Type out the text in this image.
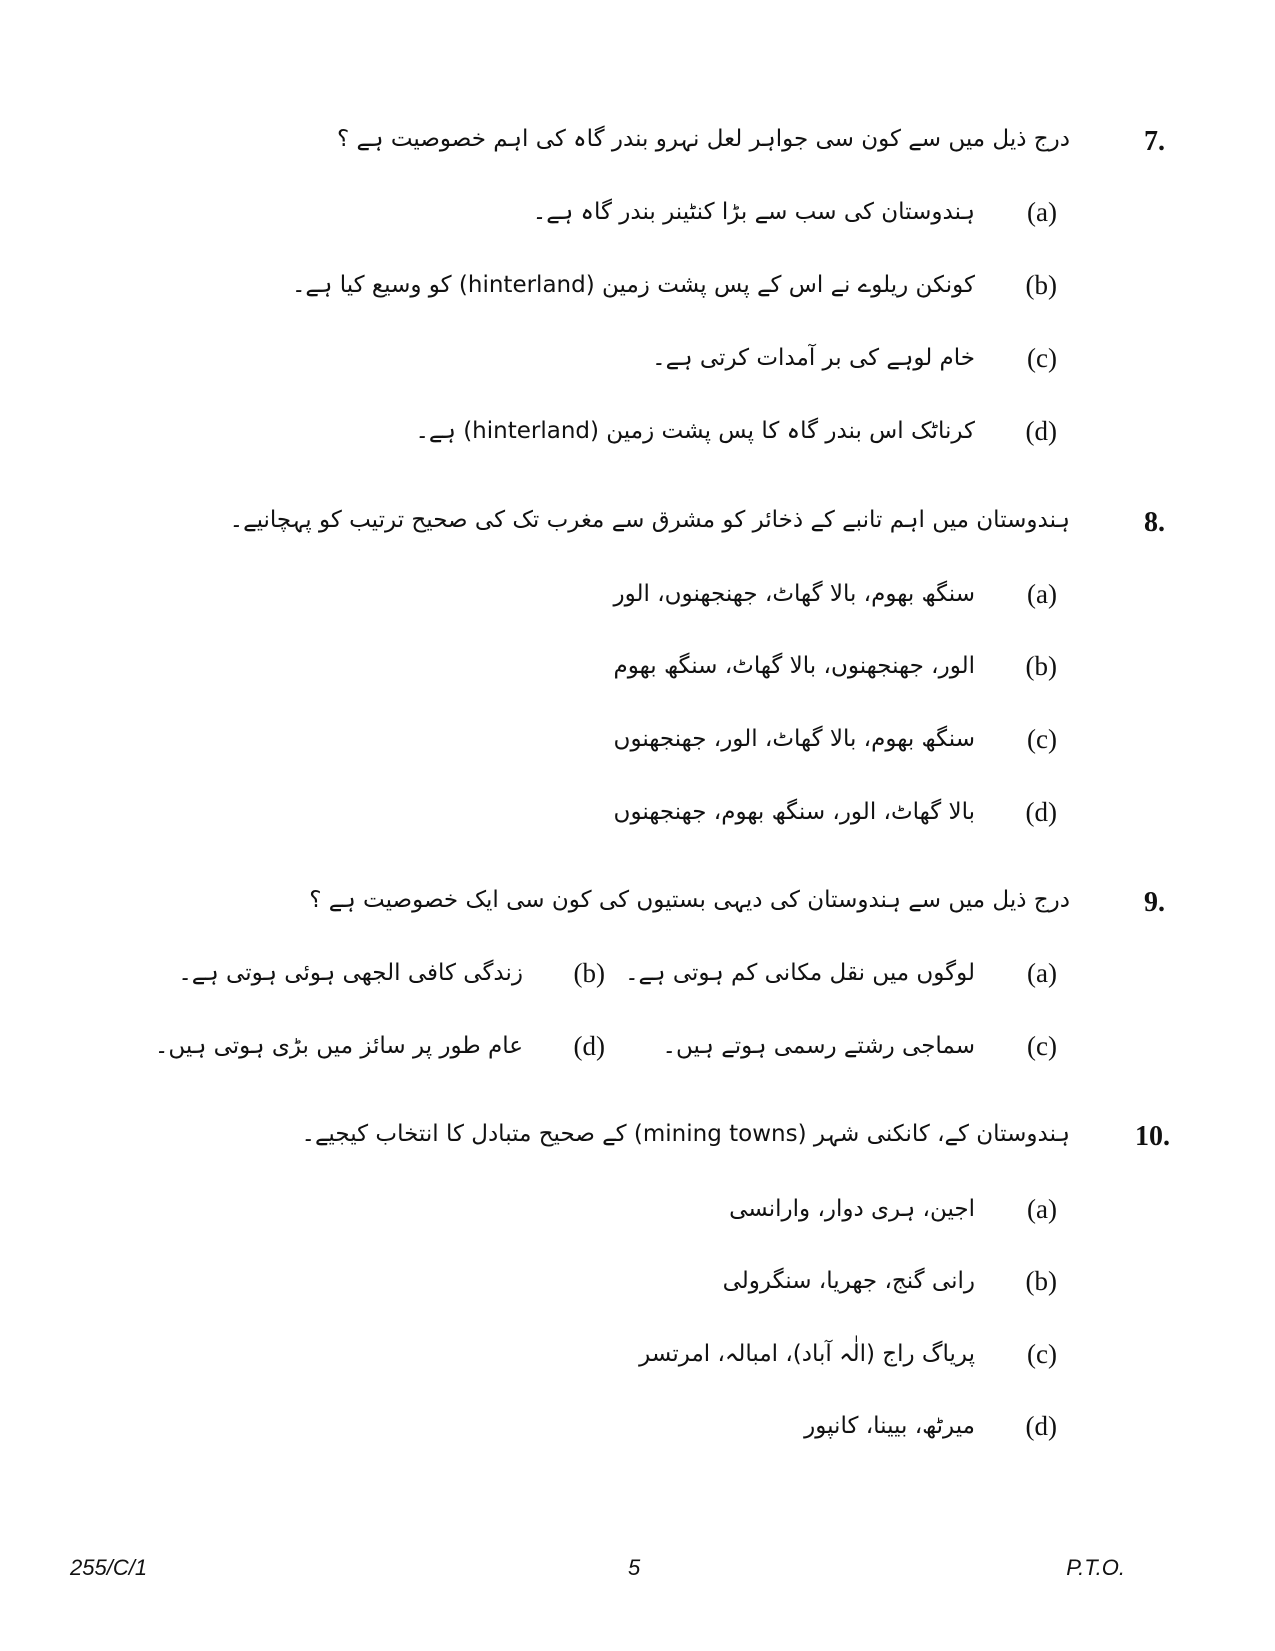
7.
درج ذیل میں سے کون سی جواہر لعل نہرو بندر گاہ کی اہم خصوصیت ہے ؟
(a)
ہندوستان کی سب سے بڑا کنٹینر بندر گاہ ہے۔
(b)
کونکن ریلوے نے اس کے پس پشت زمین (hinterland) کو وسیع کیا ہے۔
(c)
خام لوہے کی بر آمدات کرتی ہے۔
(d)
کرناٹک اس بندر گاہ کا پس پشت زمین (hinterland) ہے۔
8.
ہندوستان میں اہم تانبے کے ذخائر کو مشرق سے مغرب تک کی صحیح ترتیب کو پہچانیے۔
(a)
سنگھ بھوم، بالا گھاٹ، جھنجھنوں، الور
(b)
الور، جھنجھنوں، بالا گھاٹ، سنگھ بھوم
(c)
سنگھ بھوم، بالا گھاٹ، الور، جھنجھنوں
(d)
بالا گھاٹ، الور، سنگھ بھوم، جھنجھنوں
9.
درج ذیل میں سے ہندوستان کی دیہی بستیوں کی کون سی ایک خصوصیت ہے ؟
(a)
لوگوں میں نقل مکانی کم ہوتی ہے۔
(b)
زندگی کافی الجھی ہوئی ہوتی ہے۔
(c)
سماجی رشتے رسمی ہوتے ہیں۔
(d)
عام طور پر سائز میں بڑی ہوتی ہیں۔
10.
ہندوستان کے، کانکنی شہر (mining towns) کے صحیح متبادل کا انتخاب کیجیے۔
(a)
اجین، ہری دوار، وارانسی
(b)
رانی گنج، جھریا، سنگرولی
(c)
پریاگ راج (الٰہ آباد)، امبالہ، امرتسر
(d)
میرٹھ، بیینا، کانپور
255/C/1	5	P.T.O.
